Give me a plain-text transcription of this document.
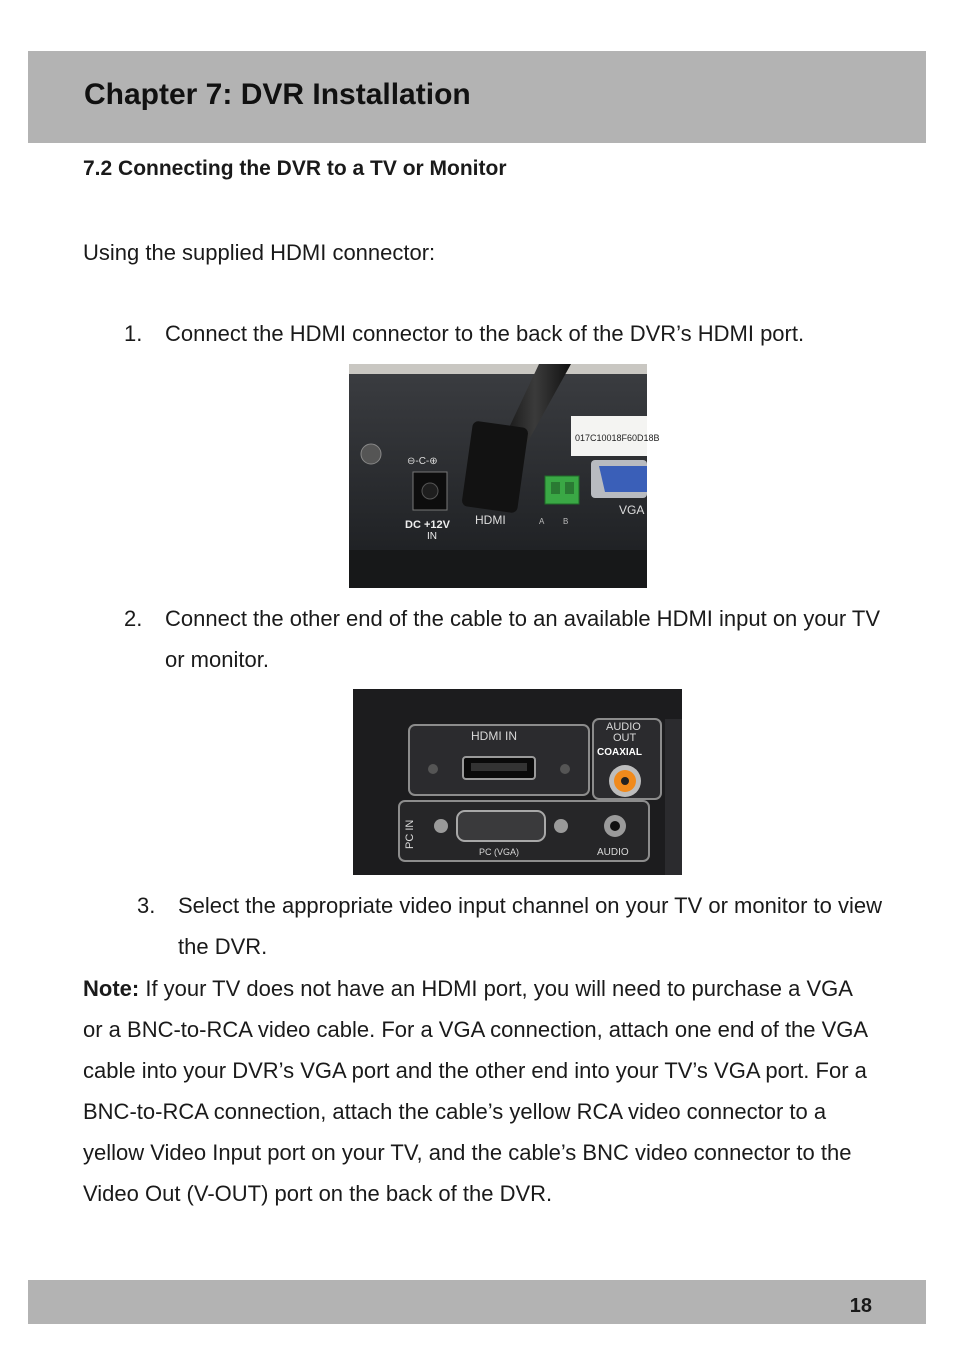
Chapter 7: DVR Installation
7.2 Connecting the DVR to a TV or Monitor

Using the supplied HDMI connector:

1. Connect the HDMI connector to the back of the DVR’s HDMI port.
017C10018F60D18B
⊖-C-⊕
DC +12V
IN
HDMI	A B
VGA
2. Connect the other end of the cable to an available HDMI input on your TV or monitor.
HDMI IN
AUDIO
OUT
COAXIAL
PC IN
PC (VGA)	AUDIO
3. Select the appropriate video input channel on your TV or monitor to view the DVR.

Note: If your TV does not have an HDMI port, you will need to purchase a VGA or a BNC-to-RCA video cable. For a VGA connection, attach one end of the VGA cable into your DVR’s VGA port and the other end into your TV’s VGA port. For a BNC-to-RCA connection, attach the cable’s yellow RCA video connector to a yellow Video Input port on your TV, and the cable’s BNC video connector to the Video Out (V-OUT) port on the back of the DVR.

18
